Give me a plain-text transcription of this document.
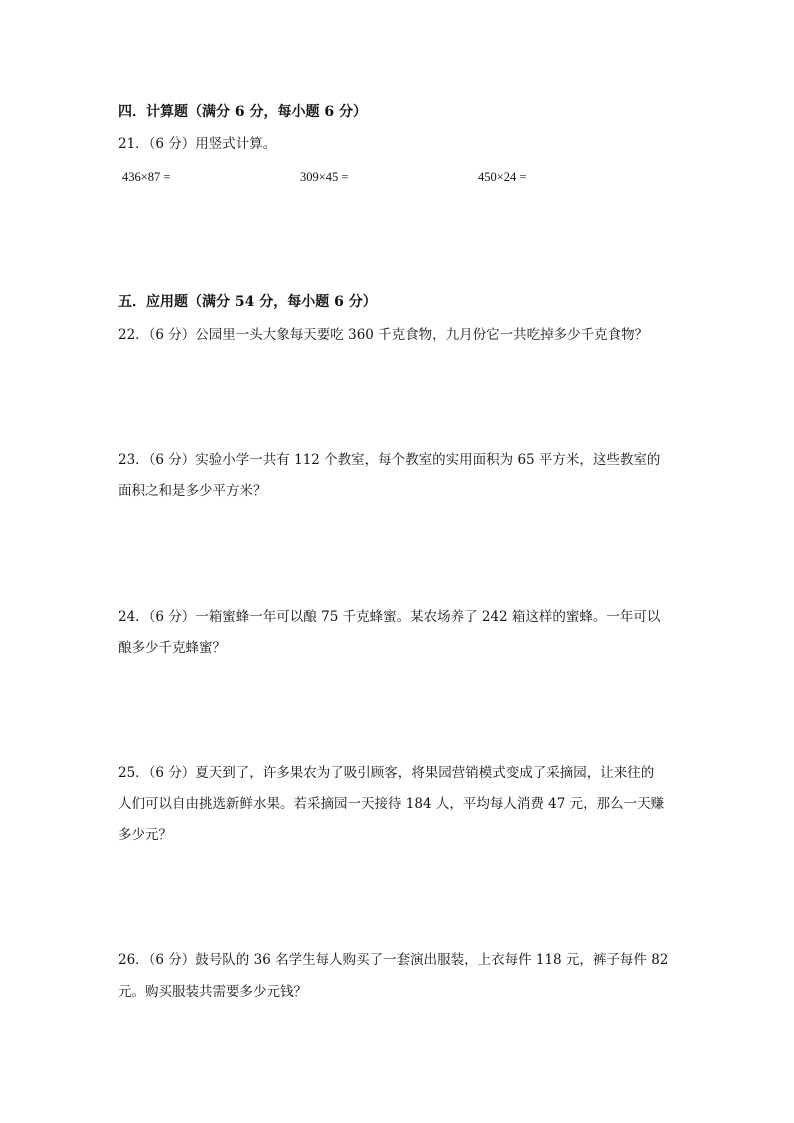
四．计算题（满分 6 分，每小题 6 分）
21．（6 分）用竖式计算。
436×87 =	309×45 =	450×24 =
五．应用题（满分 54 分，每小题 6 分）
22．（6 分）公园里一头大象每天要吃 360 千克食物，九月份它一共吃掉多少千克食物？
23．（6 分）实验小学一共有 112 个教室，每个教室的实用面积为 65 平方米，这些教室的
面积之和是多少平方米？
24．（6 分）一箱蜜蜂一年可以酿 75 千克蜂蜜。某农场养了 242 箱这样的蜜蜂。一年可以
酿多少千克蜂蜜？
25．（6 分）夏天到了，许多果农为了吸引顾客，将果园营销模式变成了采摘园，让来往的
人们可以自由挑选新鲜水果。若采摘园一天接待 184 人，平均每人消费 47 元，那么一天赚
多少元？
26．（6 分）鼓号队的 36 名学生每人购买了一套演出服装，上衣每件 118 元，裤子每件 82
元。购买服装共需要多少元钱？
